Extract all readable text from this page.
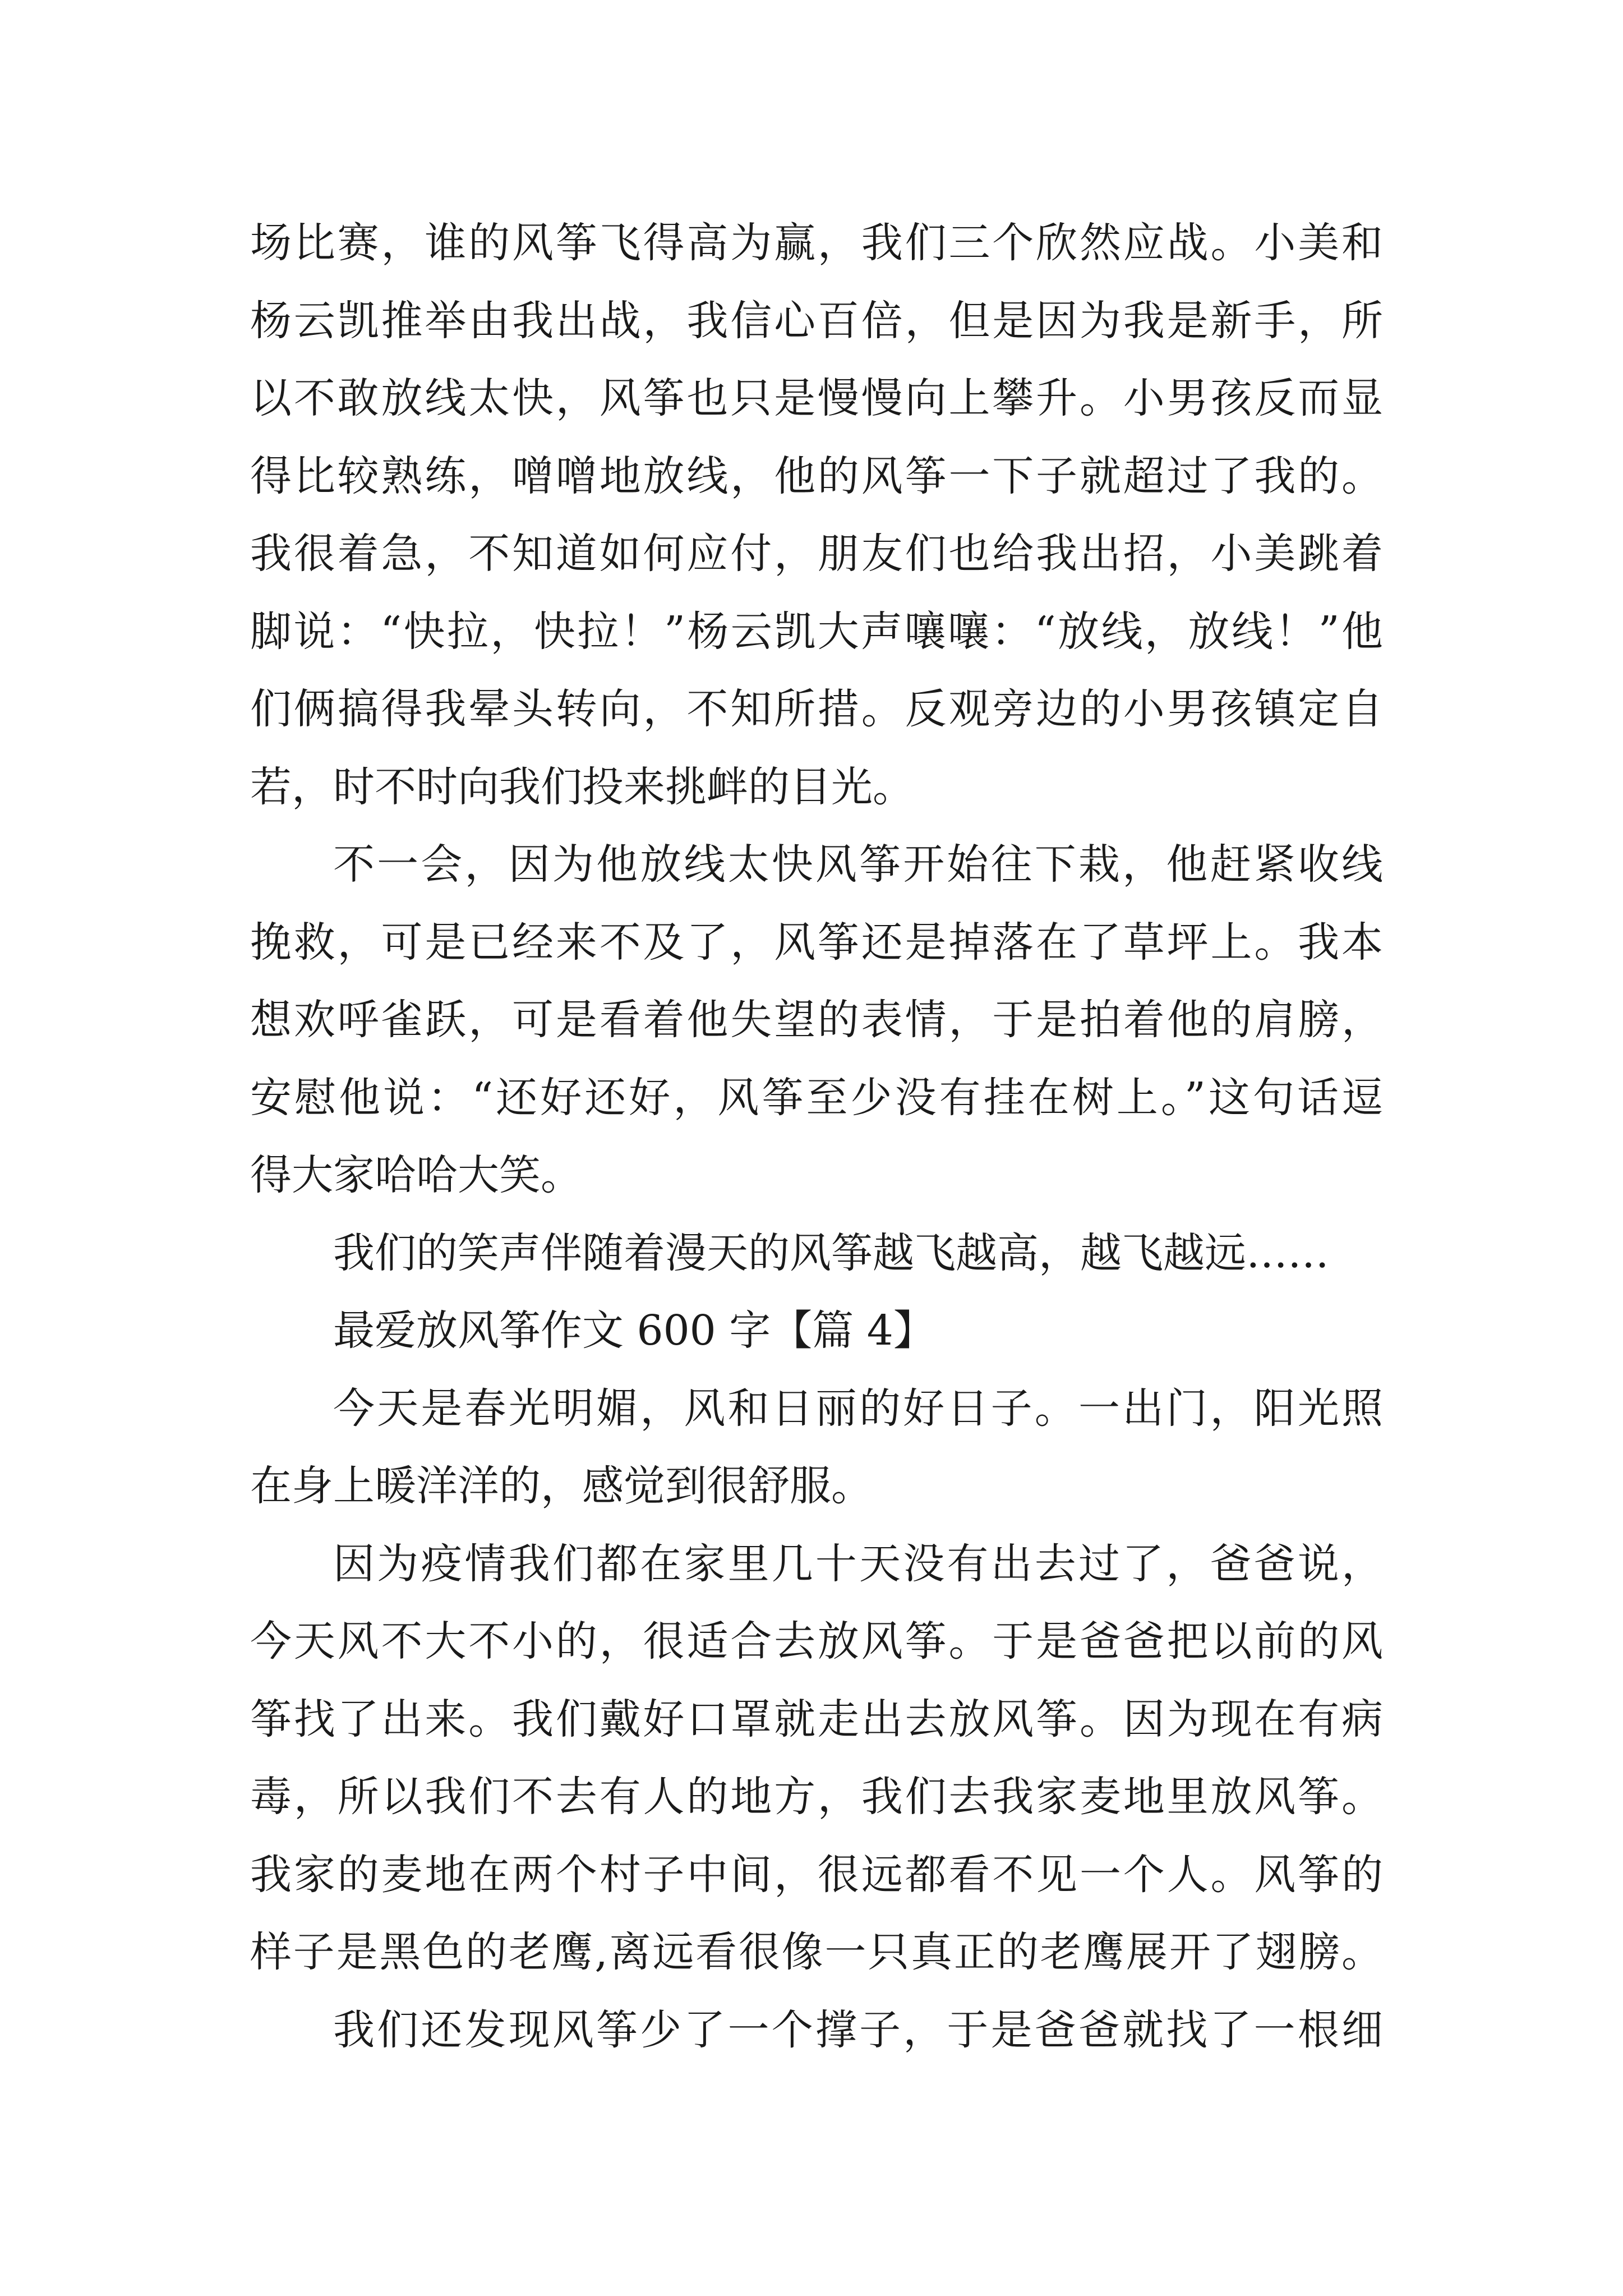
场比赛，谁的风筝飞得高为赢，我们三个欣然应战。小美和
杨云凯推举由我出战，我信心百倍，但是因为我是新手，所
以不敢放线太快，风筝也只是慢慢向上攀升。小男孩反而显
得比较熟练，噌噌地放线，他的风筝一下子就超过了我的。
我很着急，不知道如何应付，朋友们也给我出招，小美跳着
脚说：“快拉，快拉！”杨云凯大声嚷嚷：“放线，放线！”他
们俩搞得我晕头转向，不知所措。反观旁边的小男孩镇定自
若，时不时向我们投来挑衅的目光。
不一会，因为他放线太快风筝开始往下栽，他赶紧收线
挽救，可是已经来不及了，风筝还是掉落在了草坪上。我本
想欢呼雀跃，可是看着他失望的表情，于是拍着他的肩膀，
安慰他说：“还好还好，风筝至少没有挂在树上。”这句话逗
得大家哈哈大笑。
我们的笑声伴随着漫天的风筝越飞越高，越飞越远……
最爱放风筝作文 600 字【篇 4】
今天是春光明媚，风和日丽的好日子。一出门，阳光照
在身上暖洋洋的，感觉到很舒服。
因为疫情我们都在家里几十天没有出去过了，爸爸说，
今天风不大不小的，很适合去放风筝。于是爸爸把以前的风
筝找了出来。我们戴好口罩就走出去放风筝。因为现在有病
毒，所以我们不去有人的地方，我们去我家麦地里放风筝。
我家的麦地在两个村子中间，很远都看不见一个人。风筝的
样子是黑色的老鹰,离远看很像一只真正的老鹰展开了翅膀。
我们还发现风筝少了一个撑子，于是爸爸就找了一根细
